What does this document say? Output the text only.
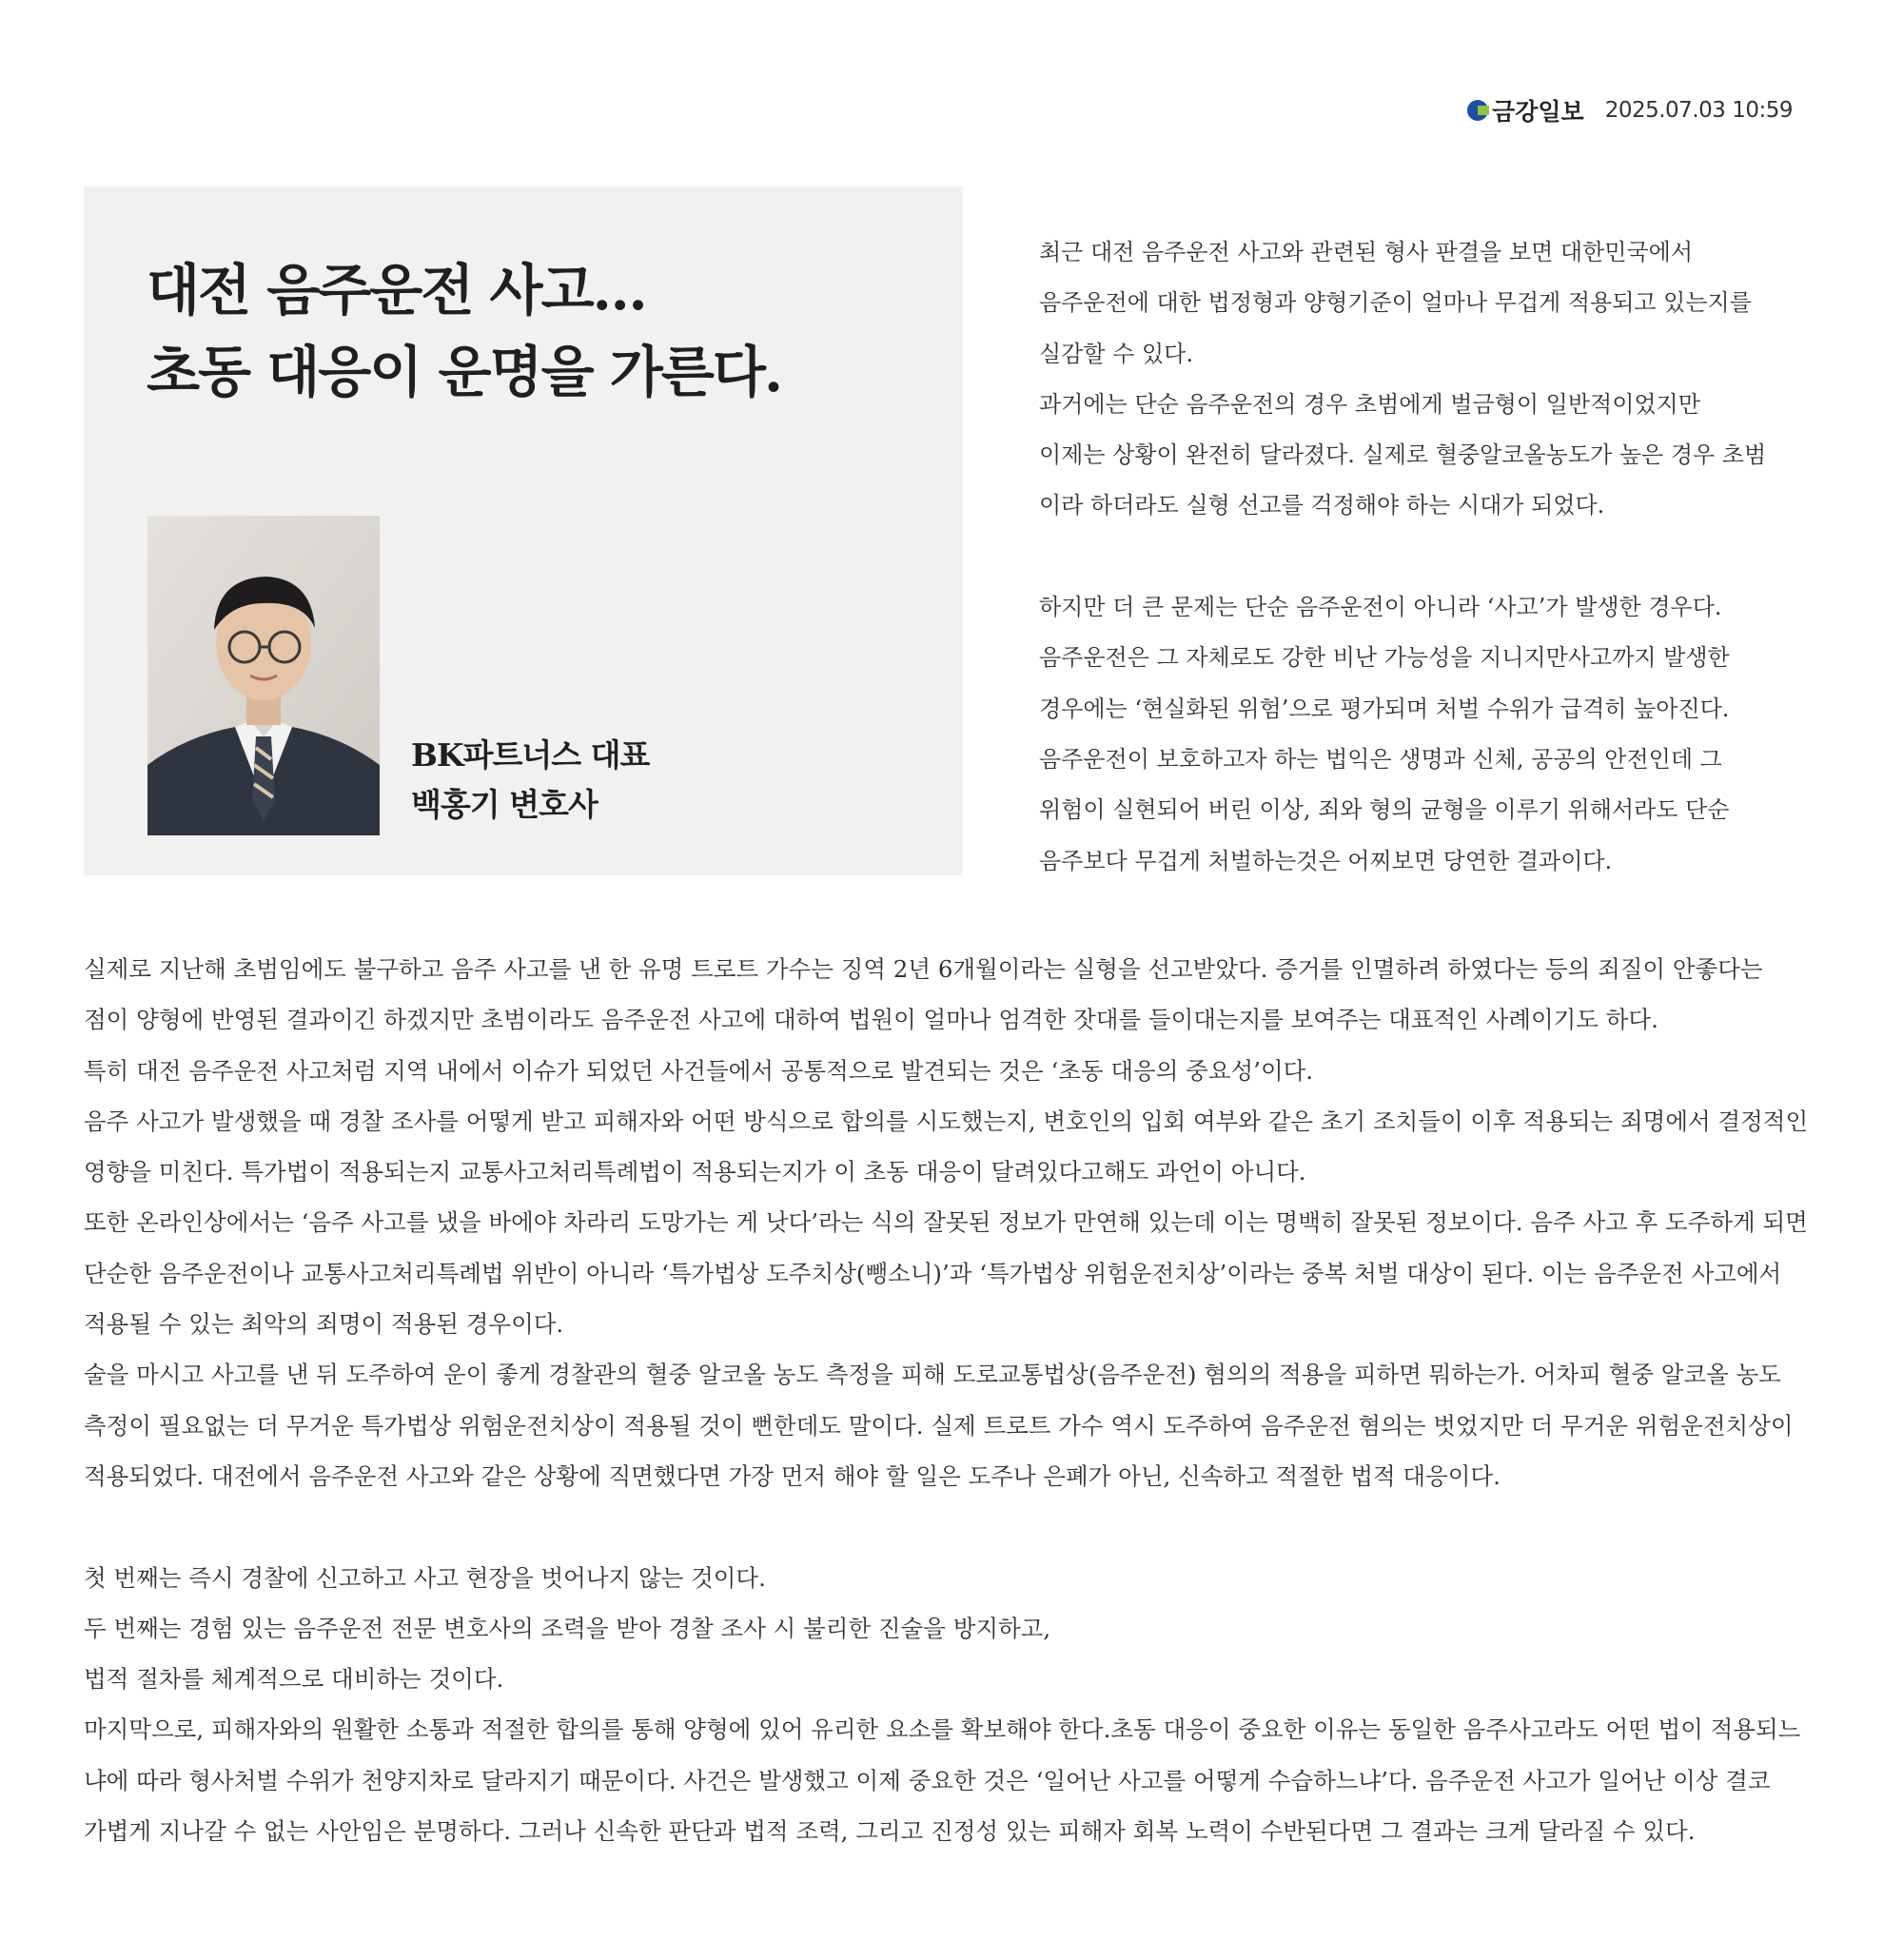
금강일보 2025.07.03 10:59
대전 음주운전 사고…
초동 대응이 운명을 가른다.
BK파트너스 대표
백홍기 변호사

최근 대전 음주운전 사고와 관련된 형사 판결을 보면 대한민국에서

음주운전에 대한 법정형과 양형기준이 얼마나 무겁게 적용되고 있는지를

실감할 수 있다.

과거에는 단순 음주운전의 경우 초범에게 벌금형이 일반적이었지만

이제는 상황이 완전히 달라졌다. 실제로 혈중알코올농도가 높은 경우 초범

이라 하더라도 실형 선고를 걱정해야 하는 시대가 되었다.

하지만 더 큰 문제는 단순 음주운전이 아니라 ‘사고’가 발생한 경우다.

음주운전은 그 자체로도 강한 비난 가능성을 지니지만사고까지 발생한

경우에는 ‘현실화된 위험’으로 평가되며 처벌 수위가 급격히 높아진다.

음주운전이 보호하고자 하는 법익은 생명과 신체, 공공의 안전인데 그

위험이 실현되어 버린 이상, 죄와 형의 균형을 이루기 위해서라도 단순

음주보다 무겁게 처벌하는것은 어찌보면 당연한 결과이다.

실제로 지난해 초범임에도 불구하고 음주 사고를 낸 한 유명 트로트 가수는 징역 2년 6개월이라는 실형을 선고받았다. 증거를 인멸하려 하였다는 등의 죄질이 안좋다는

점이 양형에 반영된 결과이긴 하겠지만 초범이라도 음주운전 사고에 대하여 법원이 얼마나 엄격한 잣대를 들이대는지를 보여주는 대표적인 사례이기도 하다.

특히 대전 음주운전 사고처럼 지역 내에서 이슈가 되었던 사건들에서 공통적으로 발견되는 것은 ‘초동 대응의 중요성’이다.

음주 사고가 발생했을 때 경찰 조사를 어떻게 받고 피해자와 어떤 방식으로 합의를 시도했는지, 변호인의 입회 여부와 같은 초기 조치들이 이후 적용되는 죄명에서 결정적인

영향을 미친다. 특가법이 적용되는지 교통사고처리특례법이 적용되는지가 이 초동 대응이 달려있다고해도 과언이 아니다.

또한 온라인상에서는 ‘음주 사고를 냈을 바에야 차라리 도망가는 게 낫다’라는 식의 잘못된 정보가 만연해 있는데 이는 명백히 잘못된 정보이다. 음주 사고 후 도주하게 되면

단순한 음주운전이나 교통사고처리특례법 위반이 아니라 ‘특가법상 도주치상(뺑소니)’과 ‘특가법상 위험운전치상’이라는 중복 처벌 대상이 된다. 이는 음주운전 사고에서

적용될 수 있는 최악의 죄명이 적용된 경우이다.

술을 마시고 사고를 낸 뒤 도주하여 운이 좋게 경찰관의 혈중 알코올 농도 측정을 피해 도로교통법상(음주운전) 혐의의 적용을 피하면 뭐하는가. 어차피 혈중 알코올 농도

측정이 필요없는 더 무거운 특가법상 위험운전치상이 적용될 것이 뻔한데도 말이다. 실제 트로트 가수 역시 도주하여 음주운전 혐의는 벗었지만 더 무거운 위험운전치상이

적용되었다. 대전에서 음주운전 사고와 같은 상황에 직면했다면 가장 먼저 해야 할 일은 도주나 은폐가 아닌, 신속하고 적절한 법적 대응이다.

첫 번째는 즉시 경찰에 신고하고 사고 현장을 벗어나지 않는 것이다.

두 번째는 경험 있는 음주운전 전문 변호사의 조력을 받아 경찰 조사 시 불리한 진술을 방지하고,

법적 절차를 체계적으로 대비하는 것이다.

마지막으로, 피해자와의 원활한 소통과 적절한 합의를 통해 양형에 있어 유리한 요소를 확보해야 한다.초동 대응이 중요한 이유는 동일한 음주사고라도 어떤 법이 적용되느

냐에 따라 형사처벌 수위가 천양지차로 달라지기 때문이다. 사건은 발생했고 이제 중요한 것은 ‘일어난 사고를 어떻게 수습하느냐’다. 음주운전 사고가 일어난 이상 결코

가볍게 지나갈 수 없는 사안임은 분명하다. 그러나 신속한 판단과 법적 조력, 그리고 진정성 있는 피해자 회복 노력이 수반된다면 그 결과는 크게 달라질 수 있다.
